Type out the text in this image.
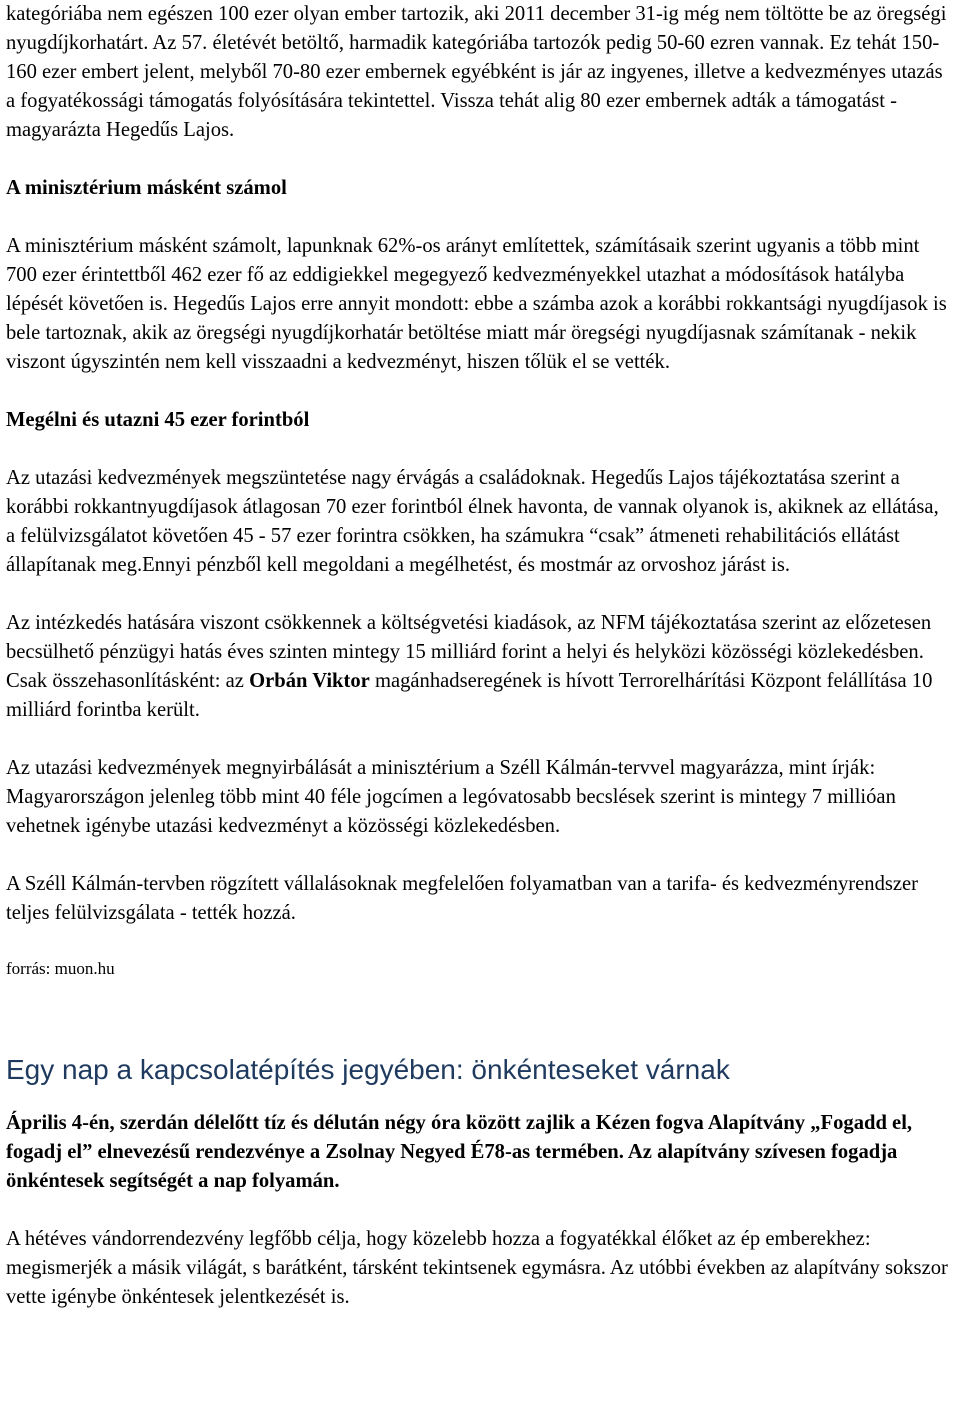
kategóriába nem egészen 100 ezer olyan ember tartozik, aki 2011 december 31-ig még nem töltötte be az öregségi nyugdíjkorhatárt. Az 57. életévét betöltő, harmadik kategóriába tartozók pedig 50-60 ezren vannak. Ez tehát 150-160 ezer embert jelent, melyből 70-80 ezer embernek egyébként is jár az ingyenes, illetve a kedvezményes utazás a fogyatékossági támogatás folyósítására tekintettel. Vissza tehát alig 80 ezer embernek adták a támogatást - magyarázta Hegedűs Lajos.

A minisztérium másként számol

A minisztérium másként számolt, lapunknak 62%-os arányt említettek, számításaik szerint ugyanis a több mint 700 ezer érintettből 462 ezer fő az eddigiekkel megegyező kedvezményekkel utazhat a módosítások hatályba lépését követően is. Hegedűs Lajos erre annyit mondott: ebbe a számba azok a korábbi rokkantsági nyugdíjasok is bele tartoznak, akik az öregségi nyugdíjkorhatár betöltése miatt már öregségi nyugdíjasnak számítanak - nekik viszont úgyszintén nem kell visszaadni a kedvezményt, hiszen tőlük el se vették.

Megélni és utazni 45 ezer forintból

Az utazási kedvezmények megszüntetése nagy érvágás a családoknak. Hegedűs Lajos tájékoztatása szerint a korábbi rokkantnyugdíjasok átlagosan 70 ezer forintból élnek havonta, de vannak olyanok is, akiknek az ellátása, a felülvizsgálatot követően 45 - 57 ezer forintra csökken, ha számukra “csak” átmeneti rehabilitációs ellátást állapítanak meg.Ennyi pénzből kell megoldani a megélhetést, és mostmár az orvoshoz járást is.

Az intézkedés hatására viszont csökkennek a költségvetési kiadások, az NFM tájékoztatása szerint az előzetesen becsülhető pénzügyi hatás éves szinten mintegy 15 milliárd forint a helyi és helyközi közösségi közlekedésben. Csak összehasonlításként: az Orbán Viktor magánhadseregének is hívott Terrorelhárítási Központ felállítása 10 milliárd forintba került.

Az utazási kedvezmények megnyirbálását a minisztérium a Széll Kálmán-tervvel magyarázza, mint írják: Magyarországon jelenleg több mint 40 féle jogcímen a legóvatosabb becslések szerint is mintegy 7 millióan vehetnek igénybe utazási kedvezményt a közösségi közlekedésben.

A Széll Kálmán-tervben rögzített vállalásoknak megfelelően folyamatban van a tarifa- és kedvezményrendszer teljes felülvizsgálata - tették hozzá.

forrás: muon.hu

Egy nap a kapcsolatépítés jegyében: önkénteseket várnak

Április 4-én, szerdán délelőtt tíz és délután négy óra között zajlik a Kézen fogva Alapítvány „Fogadd el, fogadj el” elnevezésű rendezvénye a Zsolnay Negyed É78-as termében. Az alapítvány szívesen fogadja önkéntesek segítségét a nap folyamán.

A hétéves vándorrendezvény legfőbb célja, hogy közelebb hozza a fogyatékkal élőket az ép emberekhez: megismerjék a másik világát, s barátként, társként tekintsenek egymásra. Az utóbbi években az alapítvány sokszor vette igénybe önkéntesek jelentkezését is.
